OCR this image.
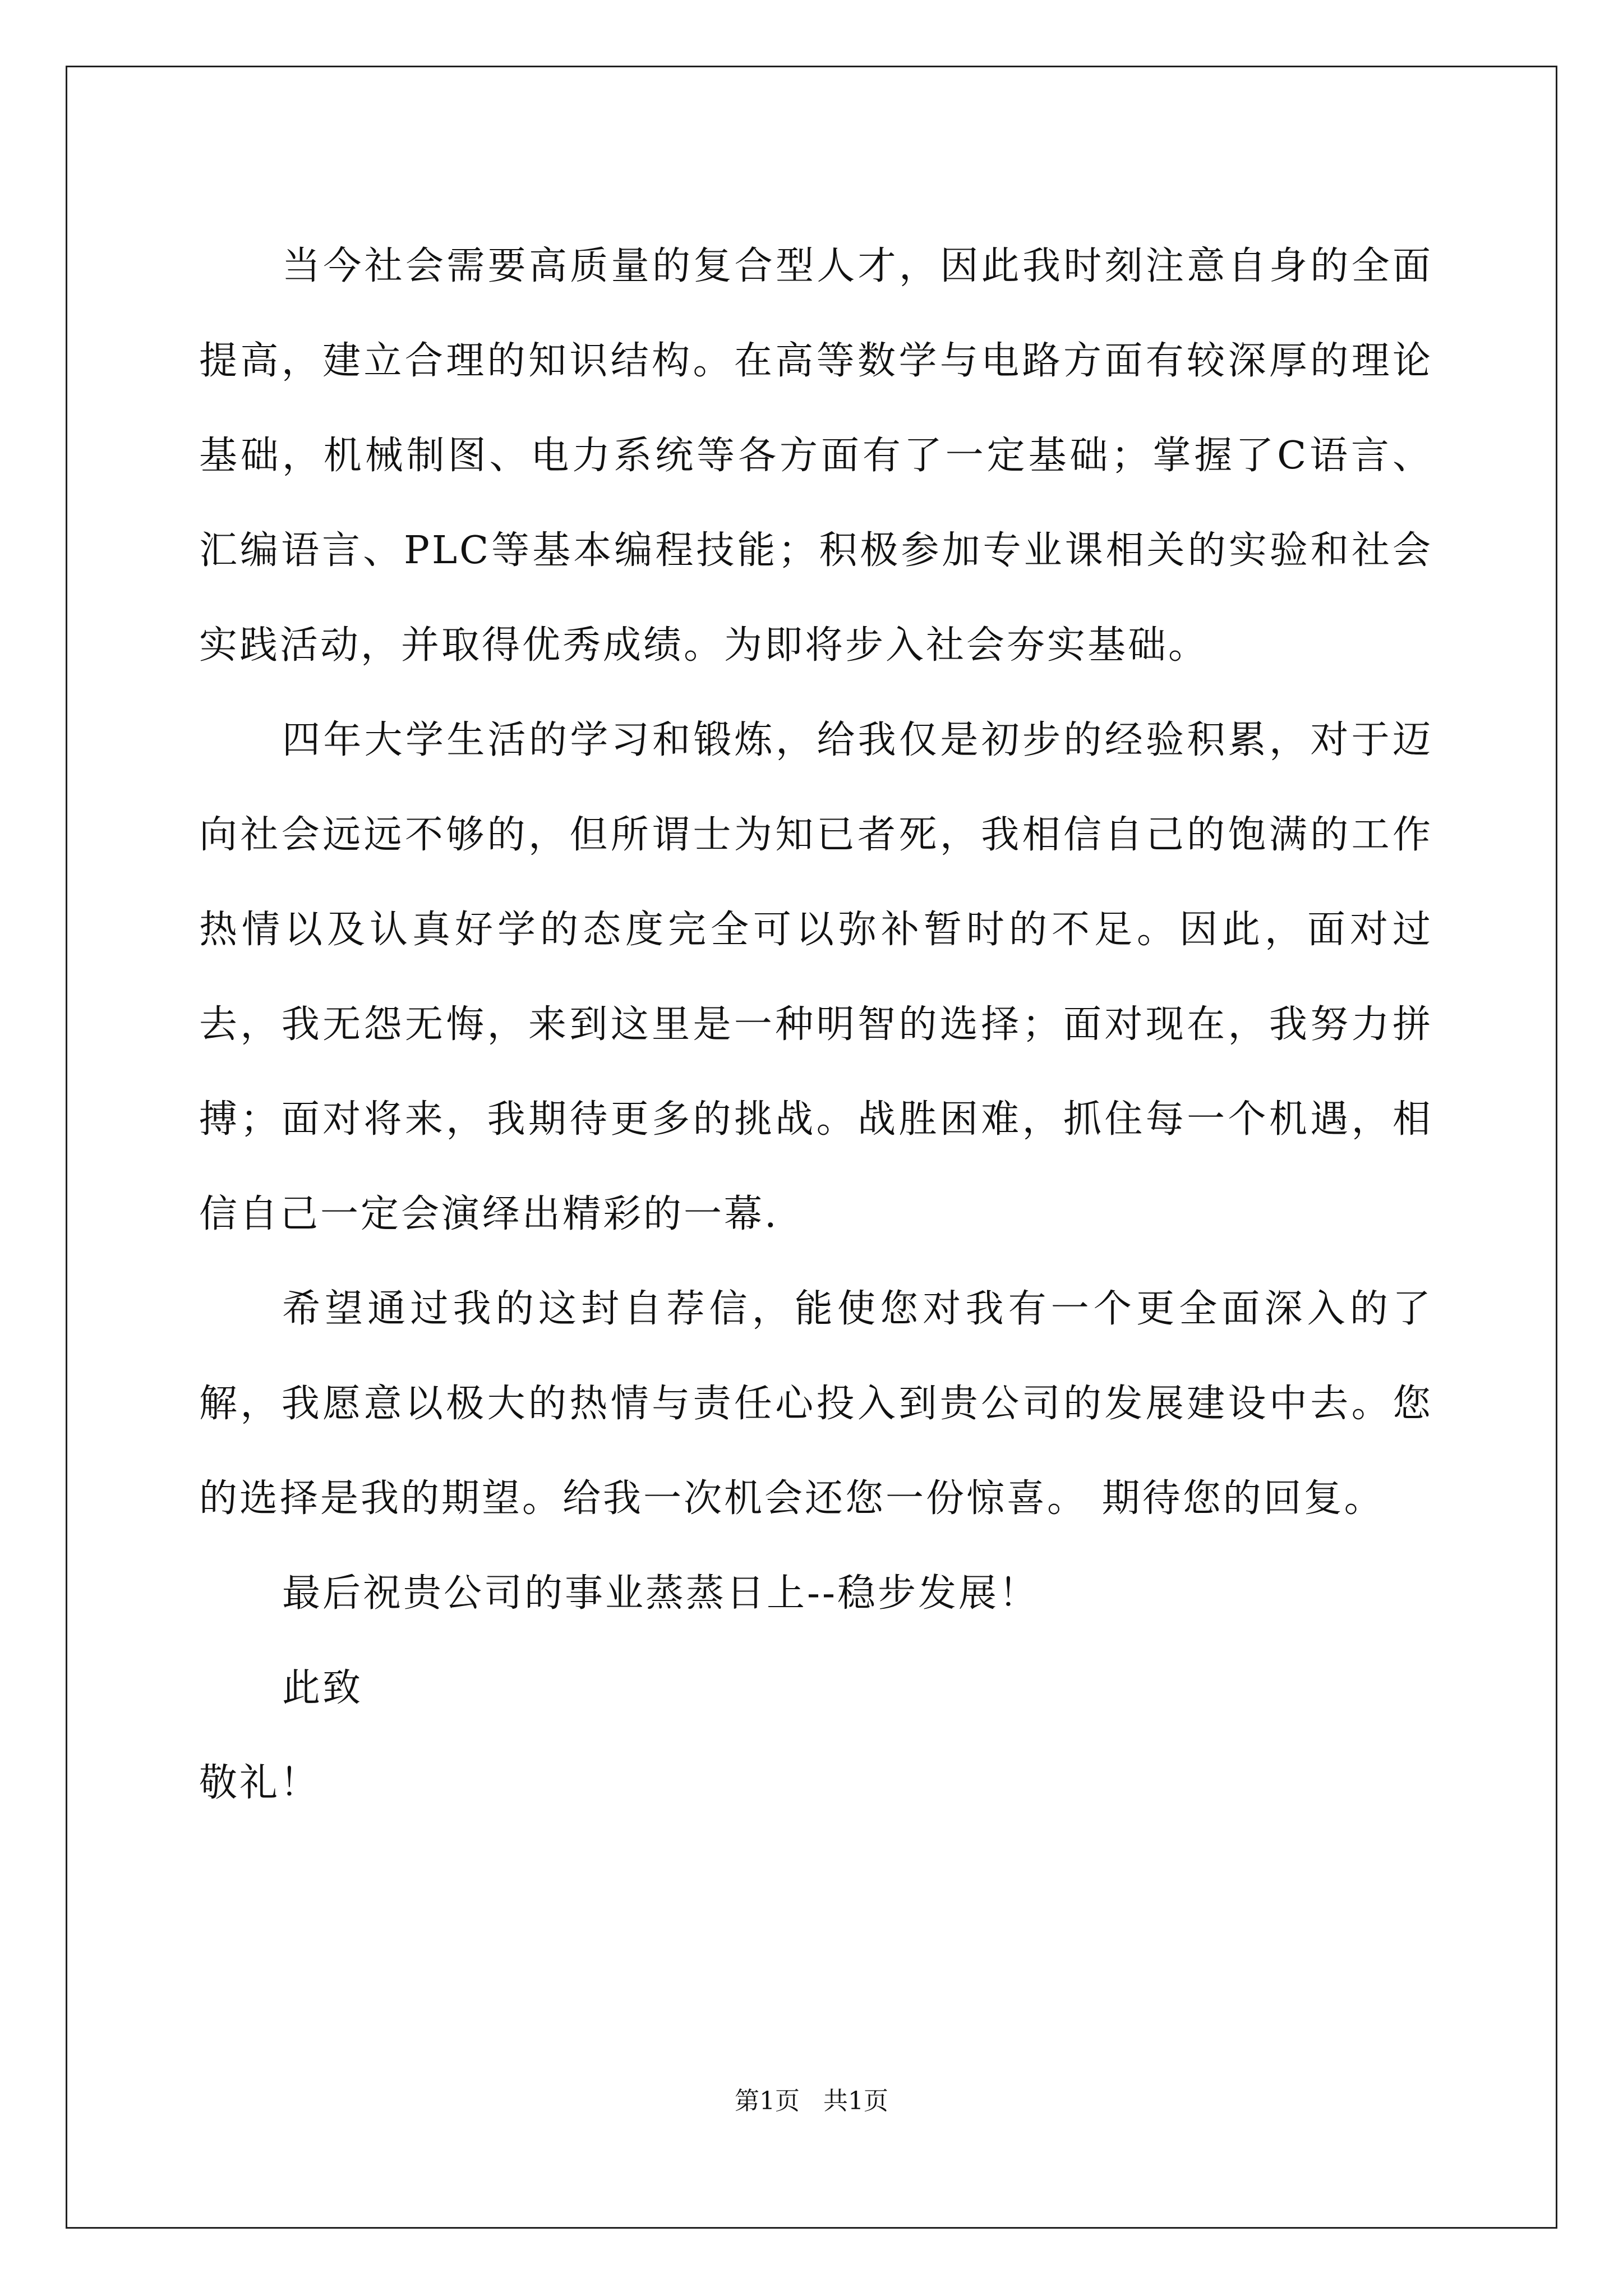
当今社会需要高质量的复合型人才，因此我时刻注意自身的全面提高，建立合理的知识结构。在高等数学与电路方面有较深厚的理论基础，机械制图、电力系统等各方面有了一定基础；掌握了C语言、汇编语言、PLC等基本编程技能；积极参加专业课相关的实验和社会实践活动，并取得优秀成绩。为即将步入社会夯实基础。

四年大学生活的学习和锻炼，给我仅是初步的经验积累，对于迈向社会远远不够的，但所谓士为知已者死，我相信自己的饱满的工作热情以及认真好学的态度完全可以弥补暂时的不足。因此，面对过去，我无怨无悔，来到这里是一种明智的选择；面对现在，我努力拼搏；面对将来，我期待更多的挑战。战胜困难，抓住每一个机遇，相信自己一定会演绎出精彩的一幕.

希望通过我的这封自荐信，能使您对我有一个更全面深入的了解，我愿意以极大的热情与责任心投入到贵公司的发展建设中去。您的选择是我的期望。给我一次机会还您一份惊喜。 期待您的回复。

最后祝贵公司的事业蒸蒸日上--稳步发展！

此致

敬礼！

第1页   共1页
